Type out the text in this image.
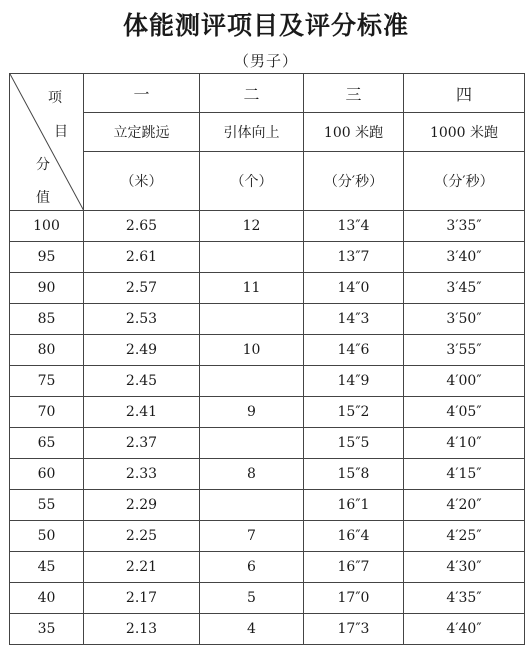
体能测评项目及评分标准
（男子）
项
目
分
值	一	二	三	四
	立定跳远	引体向上	100 米跑	1000 米跑
	（米）	（个）	（分′秒）	（分′秒）
100	2.65	12	13″4	3′35″
95	2.61		13″7	3′40″
90	2.57	11	14″0	3′45″
85	2.53		14″3	3′50″
80	2.49	10	14″6	3′55″
75	2.45		14″9	4′00″
70	2.41	9	15″2	4′05″
65	2.37		15″5	4′10″
60	2.33	8	15″8	4′15″
55	2.29		16″1	4′20″
50	2.25	7	16″4	4′25″
45	2.21	6	16″7	4′30″
40	2.17	5	17″0	4′35″
35	2.13	4	17″3	4′40″
